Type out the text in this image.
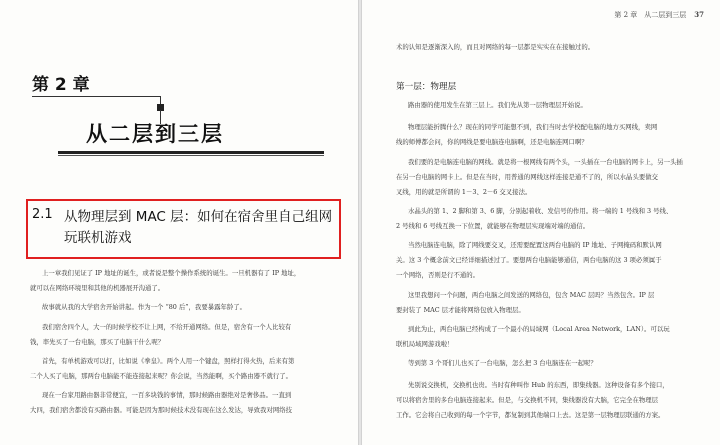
第 2 章
从二层到三层
2.1 从物理层到 MAC 层：如何在宿舍里自己组网玩联机游戏
上一章我们见证了 IP 地址的诞生，或者说是整个操作系统的诞生。一旦机器有了 IP 地址，
就可以在网络环境里和其他的机器展开沟通了。
故事就从我的大学宿舍开始讲起。作为一个 “80 后”，我要暴露年龄了。
我们宿舍四个人，大一的时候学校不让上网，不给开通网络。但是，宿舍有一个人比较有
钱，率先买了一台电脑，那买了电脑干什么呢？
首先，有单机游戏可以打，比如说《拳皇》。两个人用一个键盘，照样打得火热，后来有第
二个人买了电脑，那两台电脑能不能连接起来呢？你会说，当然能啊，买个路由器不就行了。
现在一台家用路由器非常便宜，一百多块钱的事情，那时候路由器绝对是奢侈品。一直到
大四，我们宿舍都没有买路由器。可能是因为那时候技术没有现在这么发达，导致我对网络技
第 2 章　从二层到三层 37
术的认知是逐渐深入的，而且对网络的每一层都是实实在在接触过的。
第一层：物理层
路由器的使用发生在第三层上。我们先从第一层物理层开始说。
物理层能折腾什么？现在的同学可能想不到，我们当时去学校配电脑的地方买网线，卖网
线的师傅都会问，你的网线是要电脑连电脑啊，还是电脑连网口啊？
我们要的是电脑连电脑的网线。就是将一根网线有两个头，一头插在一台电脑的网卡上，另一头插
在另一台电脑的网卡上。但是在当时，用普通的网线这样连接是通不了的，所以水晶头要做交
叉线，用的就是所谓的 1－3、2－6 交叉接法。
水晶头的第 1、2 脚和第 3、6 脚，分别起着收、发信号的作用。将一端的 1 号线和 3 号线、
2 号线和 6 号线互换一下位置，就能够在物理层实现端对端的通信。
当然电脑连电脑，除了网线要交叉，还需要配置这两台电脑的 IP 地址、子网掩码和默认网
关。这 3 个概念前文已经详细描述过了。要想两台电脑能够通信，两台电脑的这 3 项必须属于
一个网络，否则是行不通的。
这里我想问一个问题，两台电脑之间发送的网络包，包含 MAC 层吗？当然包含。IP 层
要封装了 MAC 层才能将网络包放入物理层。
到此为止，两台电脑已经构成了一个最小的局域网（Local Area Network，LAN）。可以玩
联机局域网游戏啦！
等到第 3 个哥们儿也买了一台电脑，怎么把 3 台电脑连在一起呢？
先别说交换机，交换机也贵。当时有种叫作 Hub 的东西，即集线器。这种设备有多个接口，
可以将宿舍里的多台电脑连接起来。但是，与交换机不同，集线器没有大脑，它完全在物理层
工作。它会将自己收到的每一个字节，都复制到其他端口上去。这是第一层物理层联通的方案。
